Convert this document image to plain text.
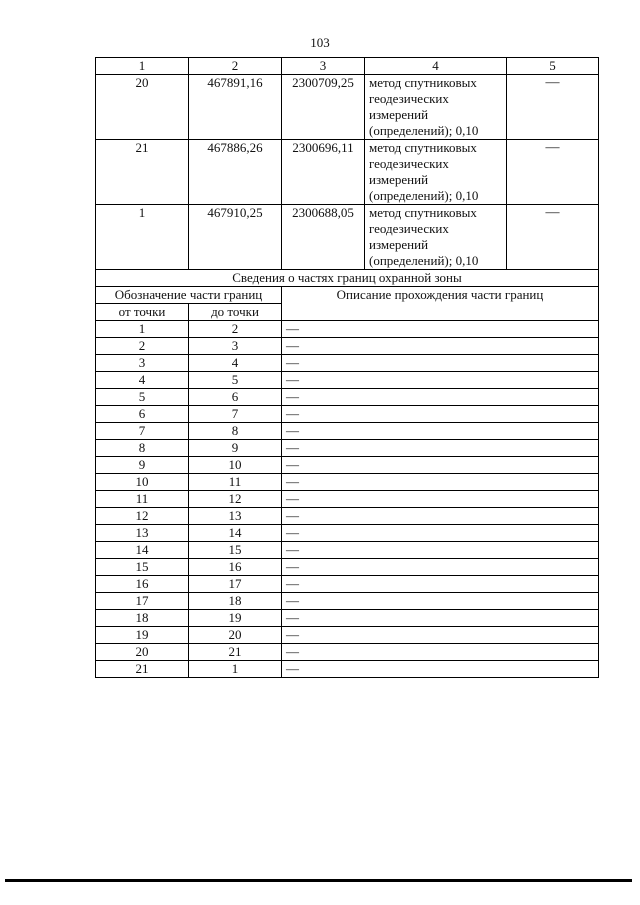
103
1	2	3	4	5
20	467891,16	2300709,25	метод спутниковых
геодезических
измерений
(определений); 0,10	—
21	467886,26	2300696,11	метод спутниковых
геодезических
измерений
(определений); 0,10	—
1	467910,25	2300688,05	метод спутниковых
геодезических
измерений
(определений); 0,10	—
Сведения о частях границ охранной зоны				
Обозначение части границ		Описание прохождения части границ		
от точки	до точки			
1	2	—		
2	3	—		
3	4	—		
4	5	—		
5	6	—		
6	7	—		
7	8	—		
8	9	—		
9	10	—		
10	11	—		
11	12	—		
12	13	—		
13	14	—		
14	15	—		
15	16	—		
16	17	—		
17	18	—		
18	19	—		
19	20	—		
20	21	—		
21	1	—		
